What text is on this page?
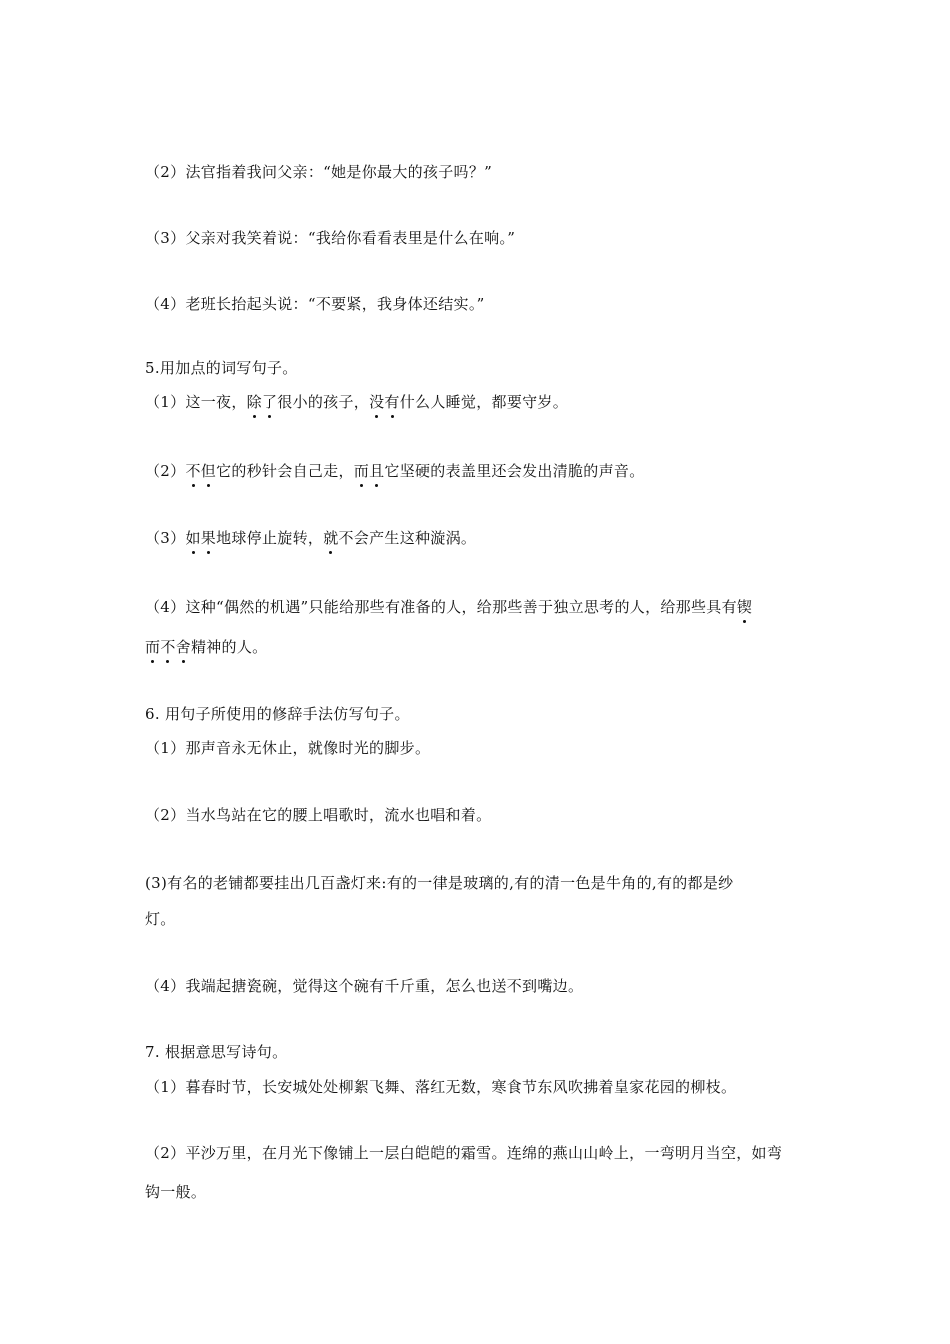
（2）法官指着我问父亲：“她是你最大的孩子吗？”
（3）父亲对我笑着说：“我给你看看表里是什么在响。”
（4）老班长抬起头说：“不要紧，我身体还结实。”
5.用加点的词写句子。
（1）这一夜，除了很小的孩子，没有什么人睡觉，都要守岁。
（2）不但它的秒针会自己走，而且它坚硬的表盖里还会发出清脆的声音。
（3）如果地球停止旋转，就不会产生这种漩涡。
（4）这种“偶然的机遇”只能给那些有准备的人，给那些善于独立思考的人，给那些具有锲
而不舍精神的人。
6. 用句子所使用的修辞手法仿写句子。
（1）那声音永无休止，就像时光的脚步。
（2）当水鸟站在它的腰上唱歌时，流水也唱和着。
(3)有名的老铺都要挂出几百盏灯来:有的一律是玻璃的,有的清一色是牛角的,有的都是纱
灯。
（4）我端起搪瓷碗，觉得这个碗有千斤重，怎么也送不到嘴边。
7. 根据意思写诗句。
（1）暮春时节，长安城处处柳絮飞舞、落红无数，寒食节东风吹拂着皇家花园的柳枝。
（2）平沙万里，在月光下像铺上一层白皑皑的霜雪。连绵的燕山山岭上，一弯明月当空，如弯
钩一般。
